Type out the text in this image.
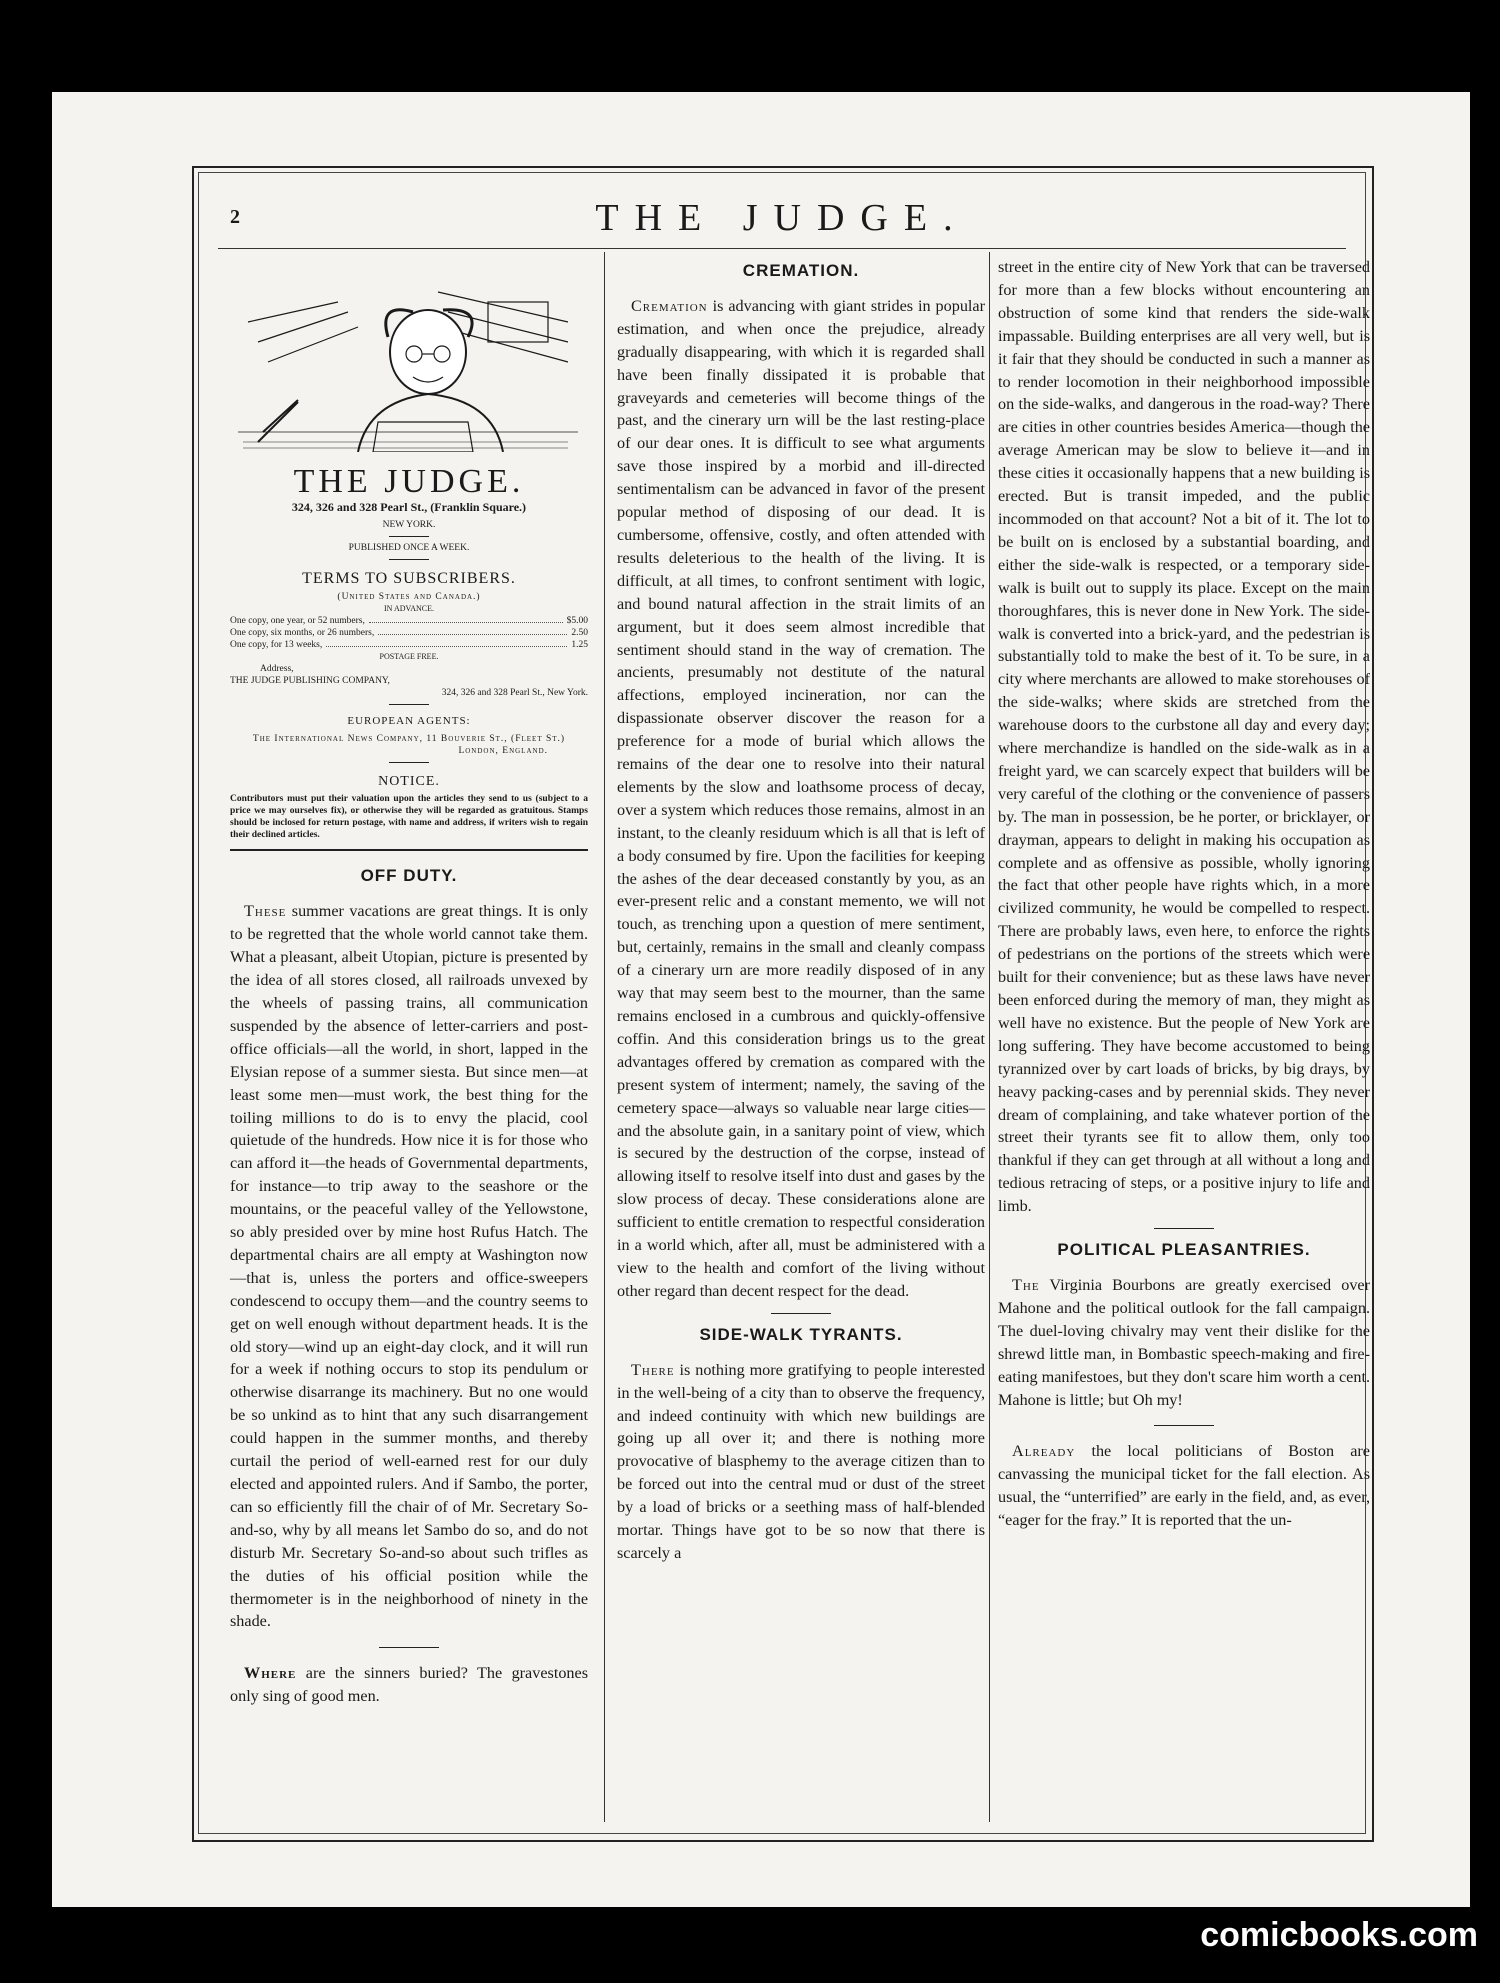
2	THE JUDGE.
THE JUDGE.
324, 326 and 328 Pearl St., (Franklin Square.)
NEW YORK.
PUBLISHED ONCE A WEEK.
TERMS TO SUBSCRIBERS.
(United States and Canada.)
IN ADVANCE.
One copy, one year, or 52 numbers,	$5.00
One copy, six months, or 26 numbers,	2.50
One copy, for 13 weeks,	1.25
POSTAGE FREE.
Address,
THE JUDGE PUBLISHING COMPANY,
324, 326 and 328 Pearl St., New York.
EUROPEAN AGENTS:
The International News Company, 11 Bouverie St., (Fleet St.)
London, England.
NOTICE.
Contributors must put their valuation upon the articles they send to us (subject to a price we may ourselves fix), or otherwise they will be regarded as gratuitous. Stamps should be inclosed for return postage, with name and address, if writers wish to regain their declined articles.
OFF DUTY.

These summer vacations are great things. It is only to be regretted that the whole world cannot take them. What a pleasant, albeit Utopian, picture is presented by the idea of all stores closed, all railroads unvexed by the wheels of passing trains, all communication suspended by the absence of letter-carriers and post-office officials—all the world, in short, lapped in the Elysian repose of a summer siesta. But since men—at least some men—must work, the best thing for the toiling millions to do is to envy the placid, cool quietude of the hundreds. How nice it is for those who can afford it—the heads of Governmental departments, for instance—to trip away to the seashore or the mountains, or the peaceful valley of the Yellowstone, so ably presided over by mine host Rufus Hatch. The departmental chairs are all empty at Washington now—that is, unless the porters and office-sweepers condescend to occupy them—and the country seems to get on well enough without department heads. It is the old story—wind up an eight-day clock, and it will run for a week if nothing occurs to stop its pendulum or otherwise disarrange its machinery. But no one would be so unkind as to hint that any such disarrangement could happen in the summer months, and thereby curtail the period of well-earned rest for our duly elected and appointed rulers. And if Sambo, the porter, can so efficiently fill the chair of of Mr. Secretary So-and-so, why by all means let Sambo do so, and do not disturb Mr. Secretary So-and-so about such trifles as the duties of his official position while the thermometer is in the neighborhood of ninety in the shade.

Where are the sinners buried? The gravestones only sing of good men.

CREMATION.

Cremation is advancing with giant strides in popular estimation, and when once the prejudice, already gradually disappearing, with which it is regarded shall have been finally dissipated it is probable that graveyards and cemeteries will become things of the past, and the cinerary urn will be the last resting-place of our dear ones. It is difficult to see what arguments save those inspired by a morbid and ill-directed sentimentalism can be advanced in favor of the present popular method of disposing of our dead. It is cumbersome, offensive, costly, and often attended with results deleterious to the health of the living. It is difficult, at all times, to confront sentiment with logic, and bound natural affection in the strait limits of an argument, but it does seem almost incredible that sentiment should stand in the way of cremation. The ancients, presumably not destitute of the natural affections, employed incineration, nor can the dispassionate observer discover the reason for a preference for a mode of burial which allows the remains of the dear one to resolve into their natural elements by the slow and loathsome process of decay, over a system which reduces those remains, almost in an instant, to the cleanly residuum which is all that is left of a body consumed by fire. Upon the facilities for keeping the ashes of the dear deceased constantly by you, as an ever-present relic and a constant memento, we will not touch, as trenching upon a question of mere sentiment, but, certainly, remains in the small and cleanly compass of a cinerary urn are more readily disposed of in any way that may seem best to the mourner, than the same remains enclosed in a cumbrous and quickly-offensive coffin. And this consideration brings us to the great advantages offered by cremation as compared with the present system of interment; namely, the saving of the cemetery space—always so valuable near large cities—and the absolute gain, in a sanitary point of view, which is secured by the destruction of the corpse, instead of allowing itself to resolve itself into dust and gases by the slow process of decay. These considerations alone are sufficient to entitle cremation to respectful consideration in a world which, after all, must be administered with a view to the health and comfort of the living without other regard than decent respect for the dead.

SIDE-WALK TYRANTS.

There is nothing more gratifying to people interested in the well-being of a city than to observe the frequency, and indeed continuity with which new buildings are going up all over it; and there is nothing more provocative of blasphemy to the average citizen than to be forced out into the central mud or dust of the street by a load of bricks or a seething mass of half-blended mortar. Things have got to be so now that there is scarcely a

street in the entire city of New York that can be traversed for more than a few blocks without encountering an obstruction of some kind that renders the side-walk impassable. Building enterprises are all very well, but is it fair that they should be conducted in such a manner as to render locomotion in their neighborhood impossible on the side-walks, and dangerous in the road-way? There are cities in other countries besides America—though the average American may be slow to believe it—and in these cities it occasionally happens that a new building is erected. But is transit impeded, and the public incommoded on that account? Not a bit of it. The lot to be built on is enclosed by a substantial boarding, and either the side-walk is respected, or a temporary side-walk is built out to supply its place. Except on the main thoroughfares, this is never done in New York. The side-walk is converted into a brick-yard, and the pedestrian is substantially told to make the best of it. To be sure, in a city where merchants are allowed to make storehouses of the side-walks; where skids are stretched from the warehouse doors to the curbstone all day and every day; where merchandize is handled on the side-walk as in a freight yard, we can scarcely expect that builders will be very careful of the clothing or the convenience of passers by. The man in possession, be he porter, or bricklayer, or drayman, appears to delight in making his occupation as complete and as offensive as possible, wholly ignoring the fact that other people have rights which, in a more civilized community, he would be compelled to respect. There are probably laws, even here, to enforce the rights of pedestrians on the portions of the streets which were built for their convenience; but as these laws have never been enforced during the memory of man, they might as well have no existence. But the people of New York are long suffering. They have become accustomed to being tyrannized over by cart loads of bricks, by big drays, by heavy packing-cases and by perennial skids. They never dream of complaining, and take whatever portion of the street their tyrants see fit to allow them, only too thankful if they can get through at all without a long and tedious retracing of steps, or a positive injury to life and limb.

POLITICAL PLEASANTRIES.

The Virginia Bourbons are greatly exercised over Mahone and the political outlook for the fall campaign. The duel-loving chivalry may vent their dislike for the shrewd little man, in Bombastic speech-making and fire-eating manifestoes, but they don't scare him worth a cent. Mahone is little; but Oh my!

Already the local politicians of Boston are canvassing the municipal ticket for the fall election. As usual, the “unterrified” are early in the field, and, as ever, “eager for the fray.” It is reported that the un-

comicbooks.com
